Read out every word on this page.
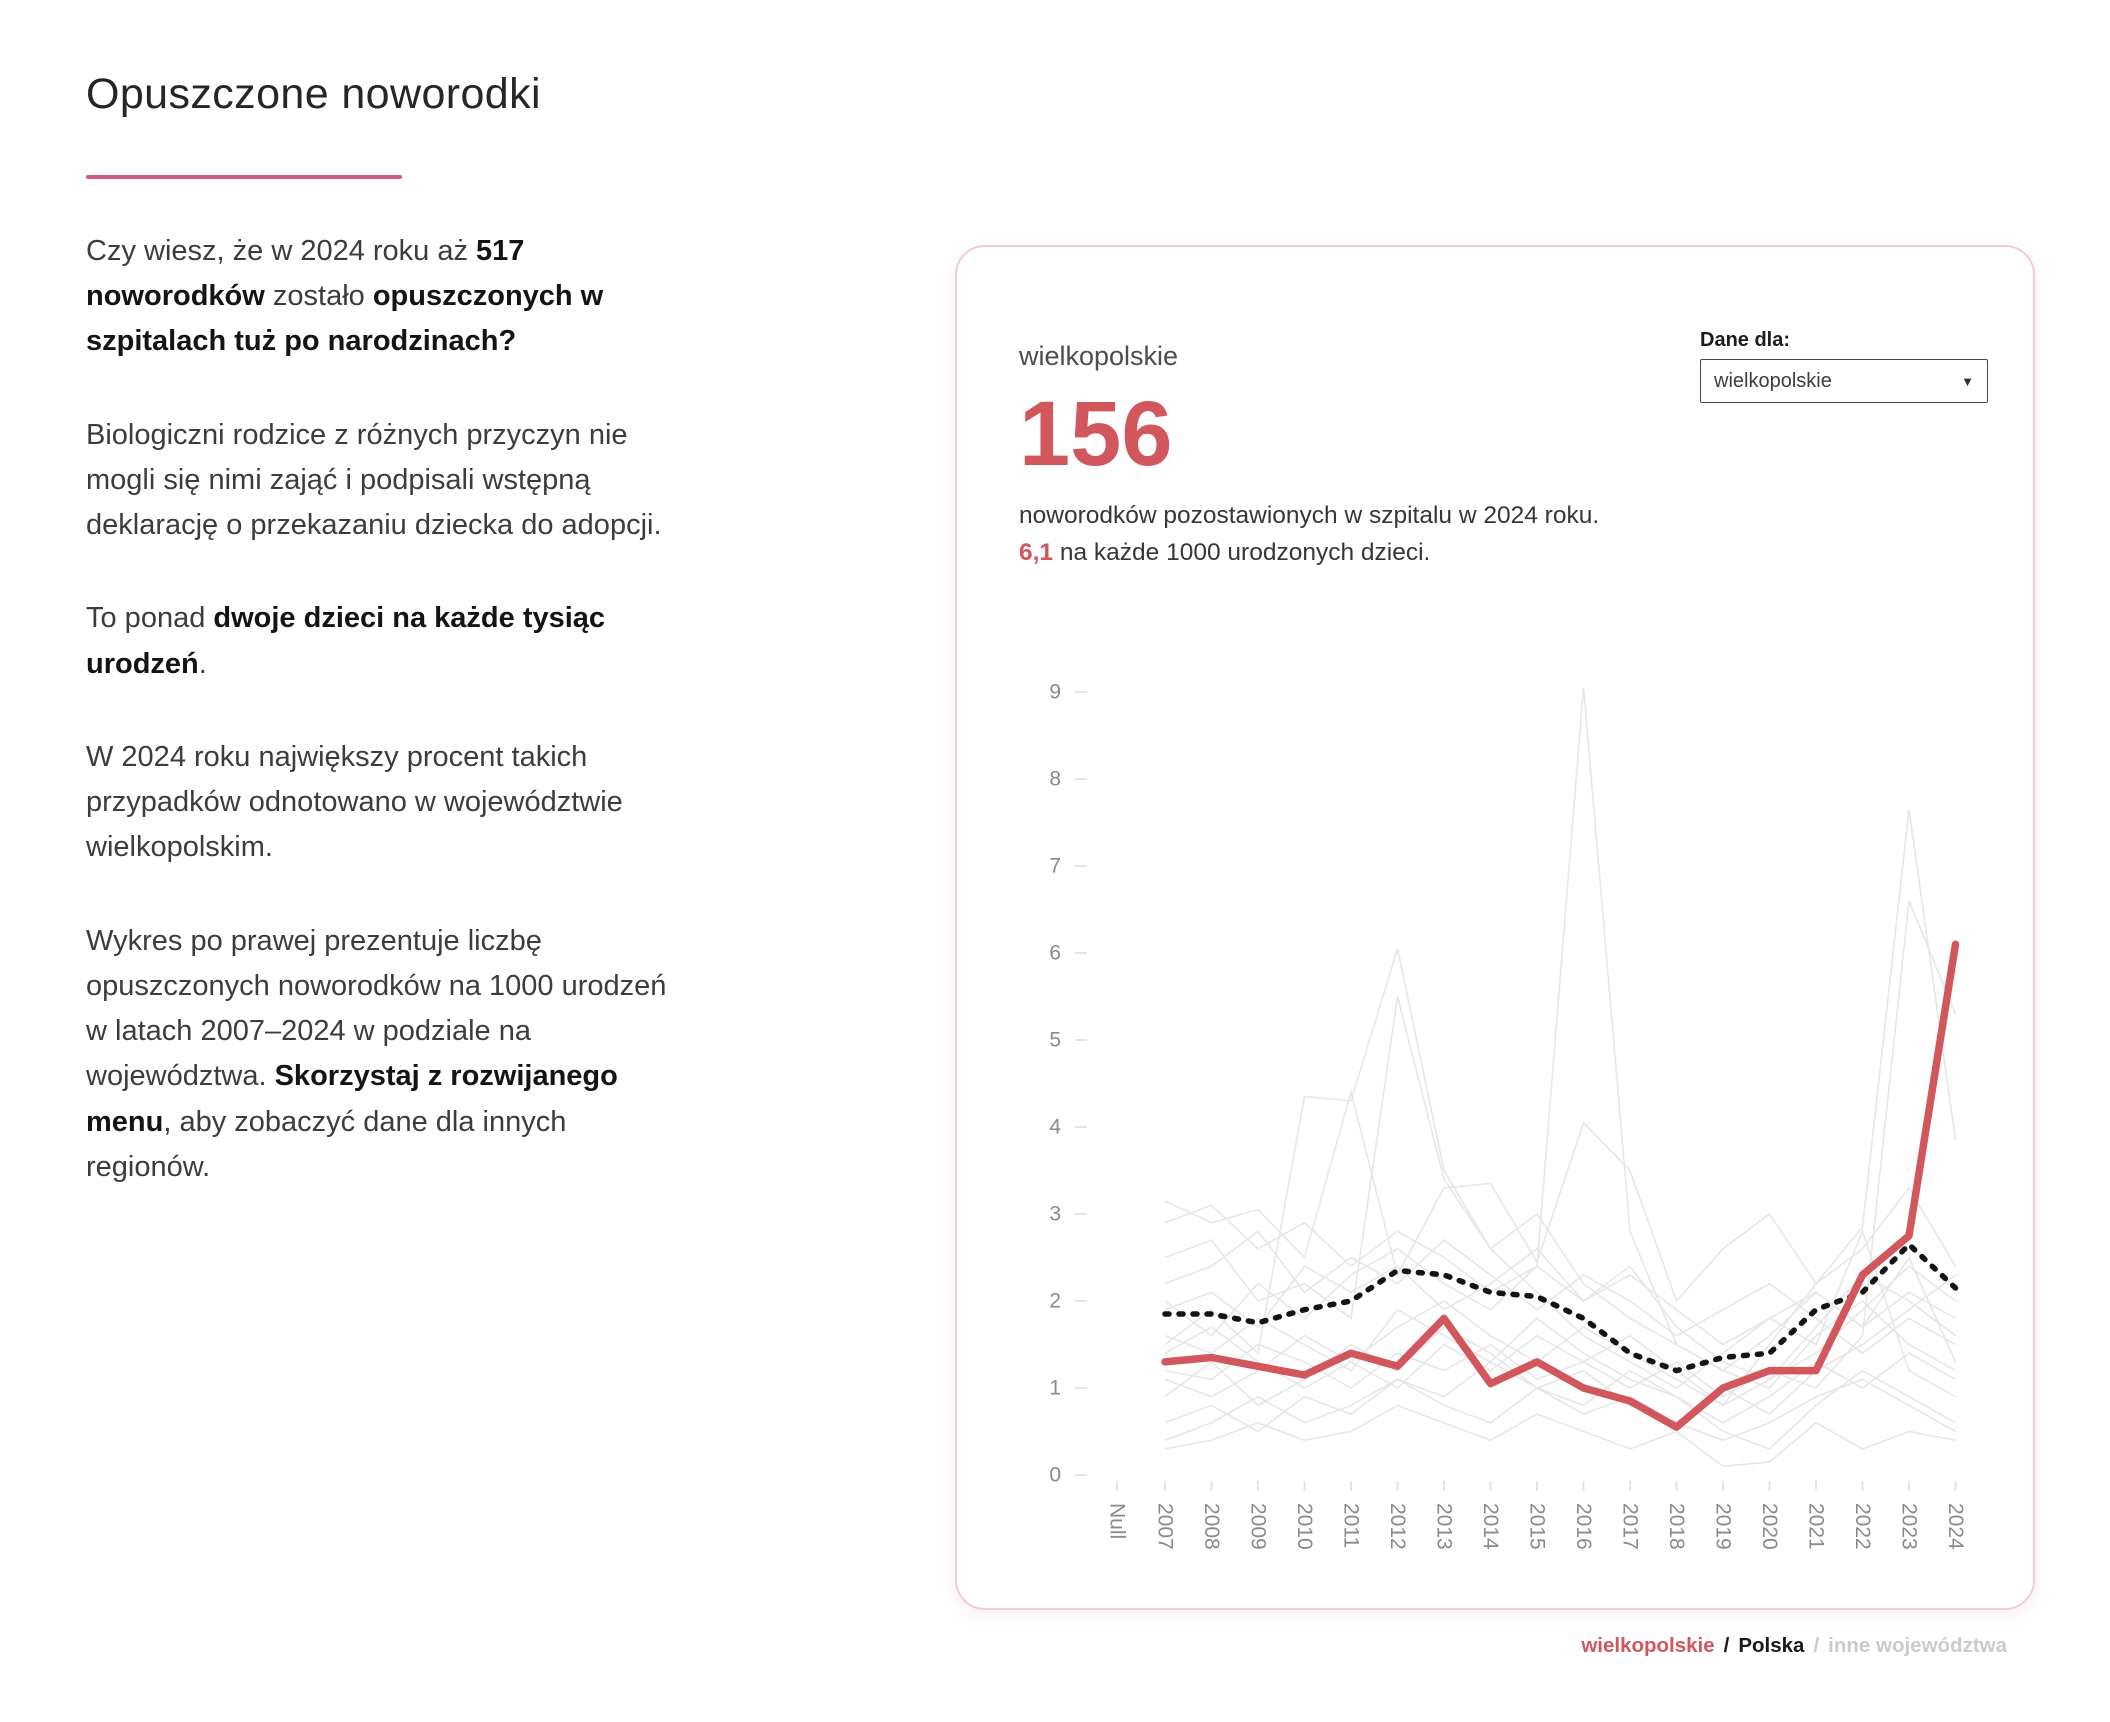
Opuszczone noworodki

Czy wiesz, że w 2024 roku aż 517 noworodków zostało opuszczonych w szpitalach tuż po narodzinach?

Biologiczni rodzice z różnych przyczyn nie mogli się nimi zająć i podpisali wstępną deklarację o przekazaniu dziecka do adopcji.

To ponad dwoje dzieci na każde tysiąc urodzeń.

W 2024 roku największy procent takich przypadków odnotowano w województwie wielkopolskim.

Wykres po prawej prezentuje liczbę opuszczonych noworodków na 1000 urodzeń w latach 2007–2024 w podziale na województwa. Skorzystaj z rozwijanego menu, aby zobaczyć dane dla innych regionów.

Dane dla:
wielkopolskie	▼
wielkopolskie
156
noworodków pozostawionych w szpitalu w 2024 roku.
6,1 na każde 1000 urodzonych dzieci.
0
1
2
3
4
5
6
7
8
9
Null 2007 2008 2009 2010 2011 2012 2013 2014 2015 2016 2017 2018 2019 2020 2021 2022 2023 2024
wielkopolskie / Polska / inne województwa
